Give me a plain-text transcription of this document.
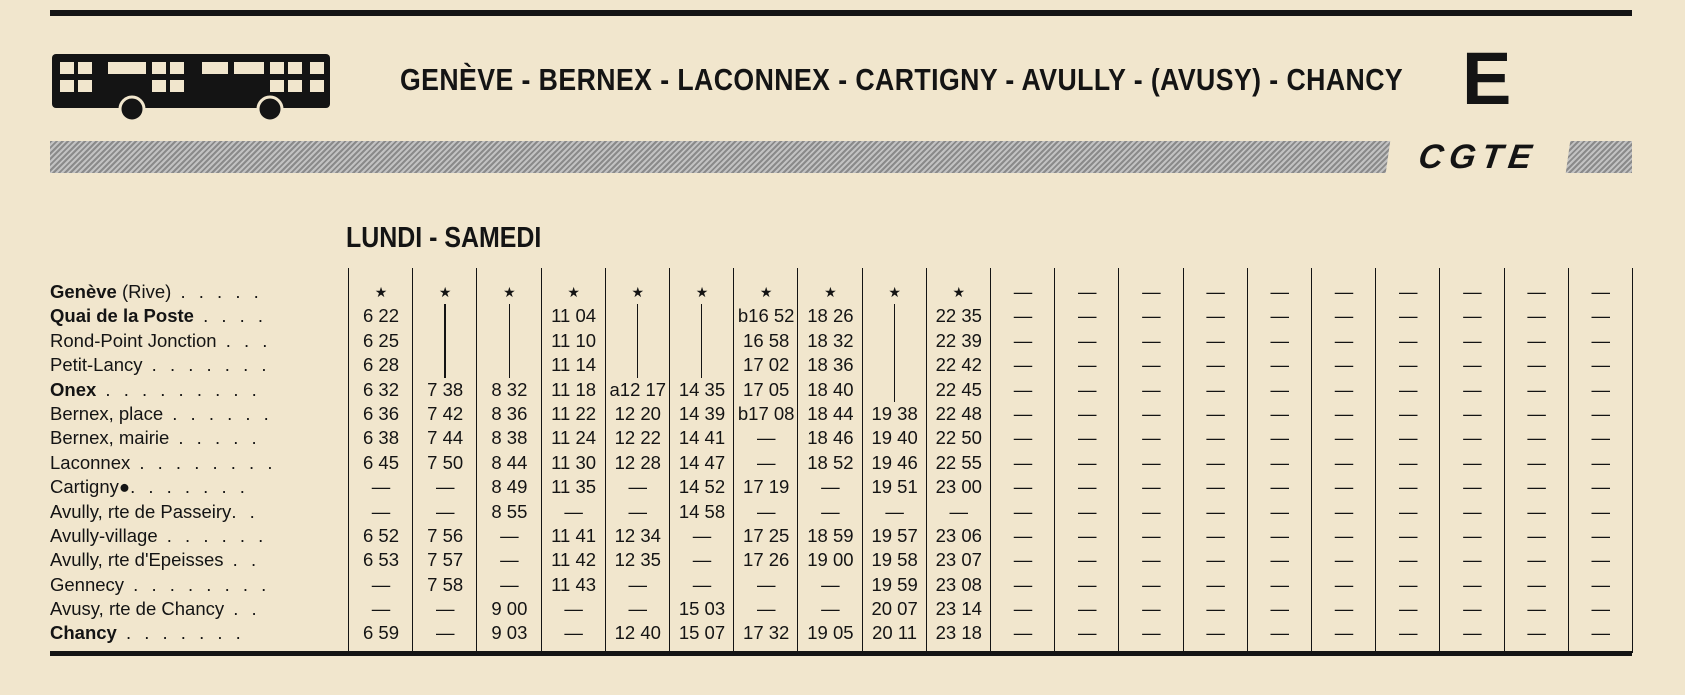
GENÈVE - BERNEX - LACONNEX - CARTIGNY - AVULLY - (AVUSY) - CHANCY E
CGTE
LUNDI - SAMEDI
Genève (Rive) . . . . .
Quai de la Poste . . . .
Rond-Point Jonction . . .
Petit-Lancy . . . . . . .
Onex . . . . . . . . .
Bernex, place . . . . . .
Bernex, mairie . . . . .
Laconnex . . . . . . . .
Cartigny●. . . . . . .
Avully, rte de Passeiry. .
Avully-village . . . . . .
Avully, rte d'Epeisses . .
Gennecy . . . . . . . .
Avusy, rte de Chancy . .
Chancy . . . . . . .
★
6 22
6 25
6 28
6 32
6 36
6 38
6 45
—
—
6 52
6 53
—
—
6 59
★
7 38
7 42
7 44
7 50
—
—
7 56
7 57
7 58
—
—
★
8 32
8 36
8 38
8 44
8 49
8 55
—
—
—
9 00
9 03
★
11 04
11 10
11 14
11 18
11 22
11 24
11 30
11 35
—
11 41
11 42
11 43
—
—
★
a12 17
12 20
12 22
12 28
—
—
12 34
12 35
—
—
12 40
★
14 35
14 39
14 41
14 47
14 52
14 58
—
—
—
15 03
15 07
★
b16 52
16 58
17 02
17 05
b17 08
—
—
17 19
—
17 25
17 26
—
—
17 32
★
18 26
18 32
18 36
18 40
18 44
18 46
18 52
—
—
18 59
19 00
—
—
19 05
★
19 38
19 40
19 46
19 51
—
19 57
19 58
19 59
20 07
20 11
★
22 35
22 39
22 42
22 45
22 48
22 50
22 55
23 00
—
23 06
23 07
23 08
23 14
23 18
—
—
—
—
—
—
—
—
—
—
—
—
—
—
—
—
—
—
—
—
—
—
—
—
—
—
—
—
—
—
—
—
—
—
—
—
—
—
—
—
—
—
—
—
—
—
—
—
—
—
—
—
—
—
—
—
—
—
—
—
—
—
—
—
—
—
—
—
—
—
—
—
—
—
—
—
—
—
—
—
—
—
—
—
—
—
—
—
—
—
—
—
—
—
—
—
—
—
—
—
—
—
—
—
—
—
—
—
—
—
—
—
—
—
—
—
—
—
—
—
—
—
—
—
—
—
—
—
—
—
—
—
—
—
—
—
—
—
—
—
—
—
—
—
—
—
—
—
—
—
